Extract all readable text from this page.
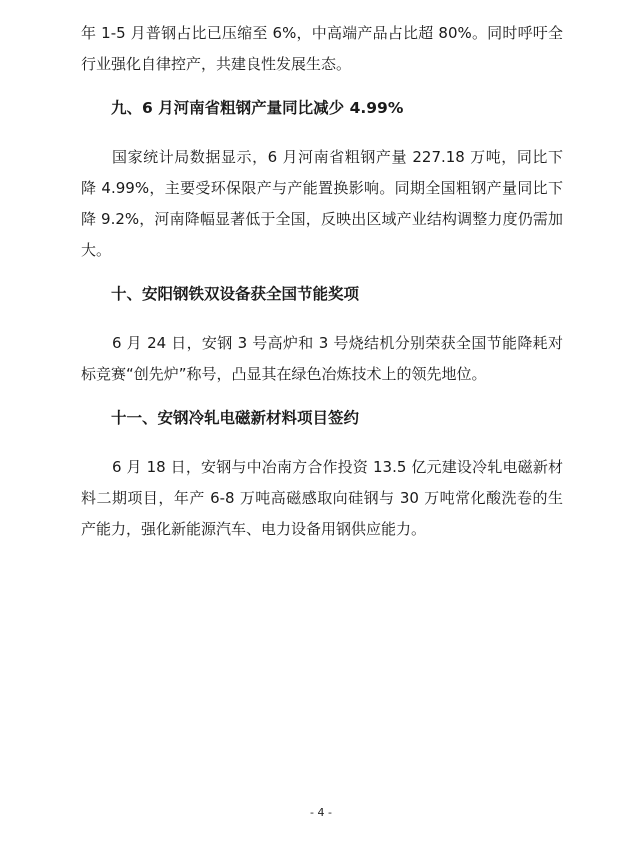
年 1-5 月普钢占比已压缩至 6%，中高端产品占比超 80%。同时呼吁全行业强化自律控产，共建良性发展生态。

九、6 月河南省粗钢产量同比减少 4.99%

国家统计局数据显示，6 月河南省粗钢产量 227.18 万吨，同比下降 4.99%，主要受环保限产与产能置换影响。同期全国粗钢产量同比下降 9.2%，河南降幅显著低于全国，反映出区域产业结构调整力度仍需加大。

十、安阳钢铁双设备获全国节能奖项

6 月 24 日，安钢 3 号高炉和 3 号烧结机分别荣获全国节能降耗对标竞赛“创先炉”称号，凸显其在绿色冶炼技术上的领先地位。

十一、安钢冷轧电磁新材料项目签约

6 月 18 日，安钢与中冶南方合作投资 13.5 亿元建设冷轧电磁新材料二期项目，年产 6-8 万吨高磁感取向硅钢与 30 万吨常化酸洗卷的生产能力，强化新能源汽车、电力设备用钢供应能力。

- 4 -
